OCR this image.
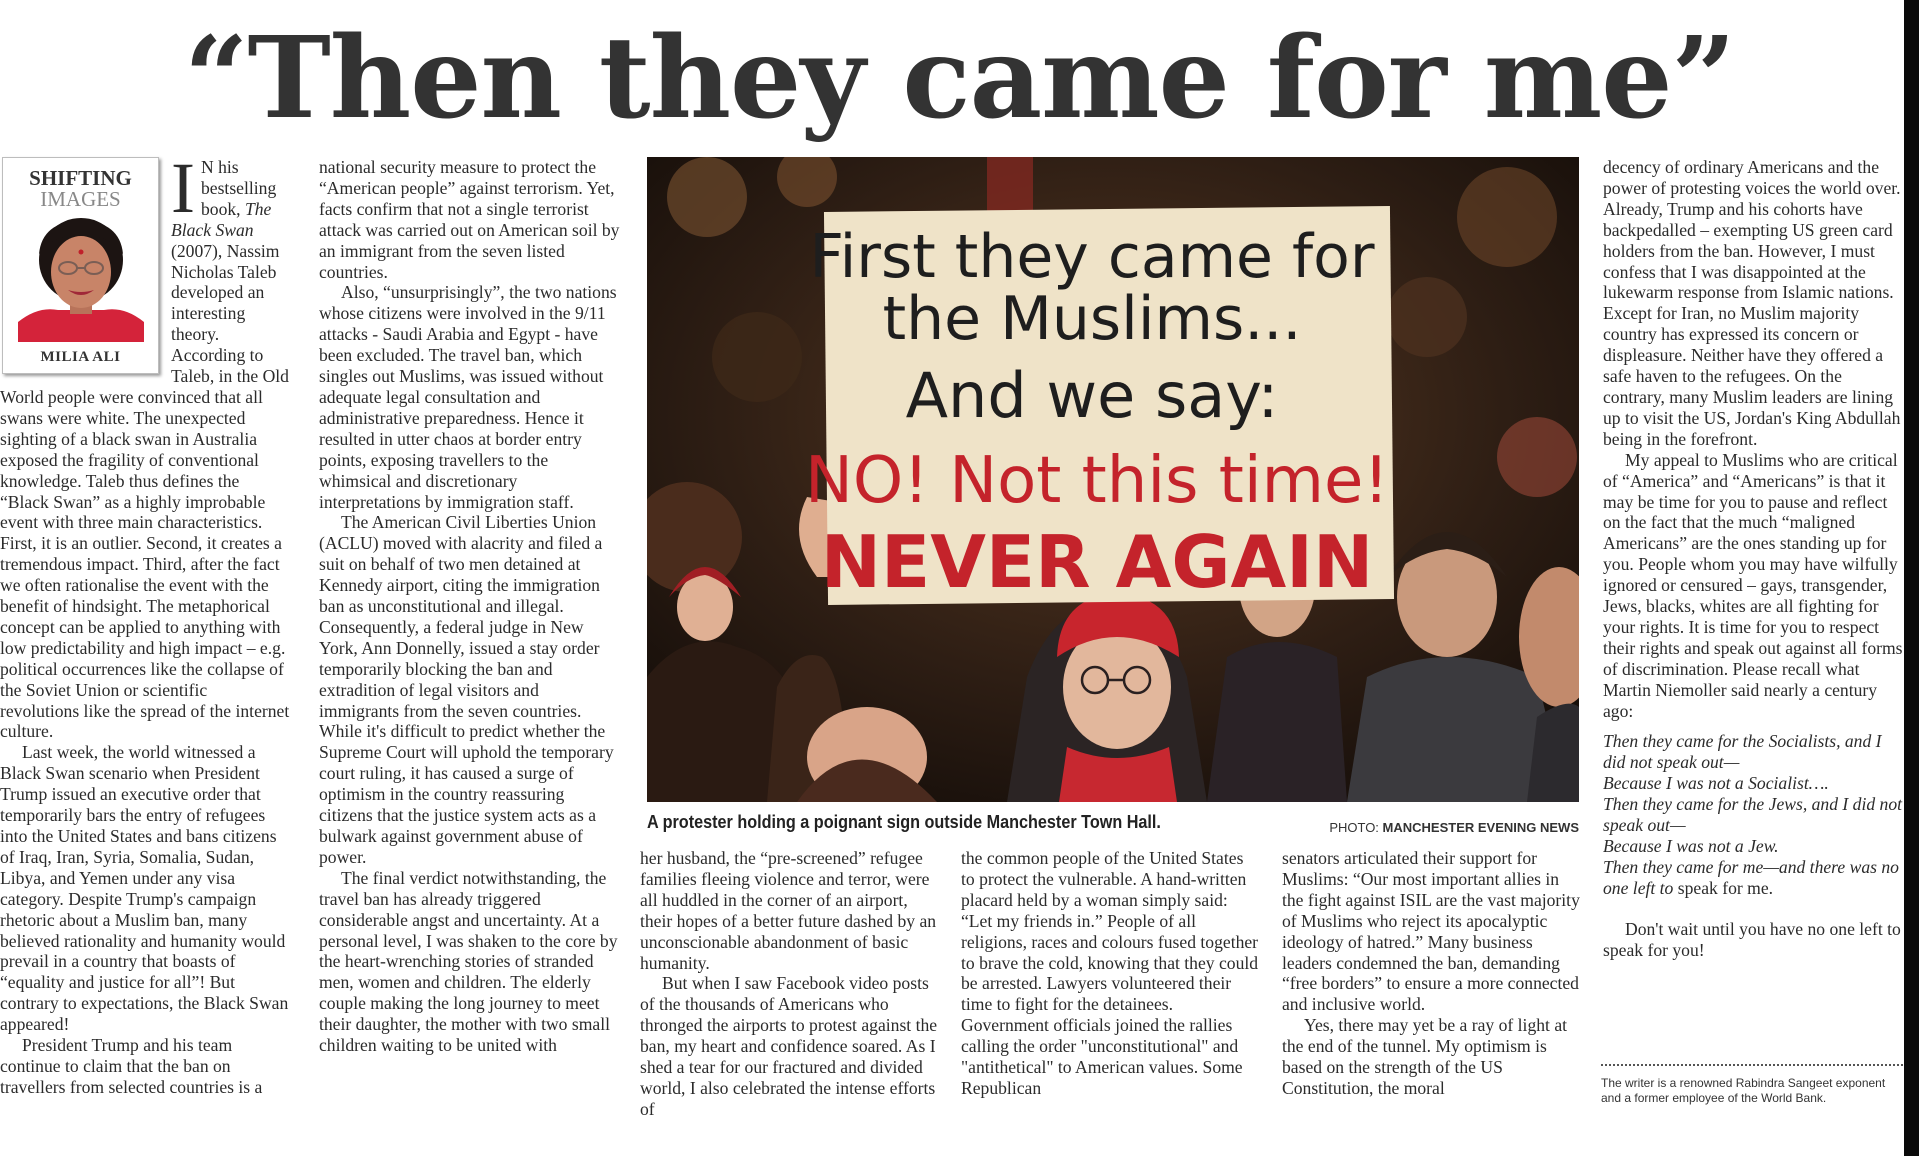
“Then they came for me”
SHIFTING
IMAGES
MILIA ALI

I N his bestselling book, The Black Swan (2007), Nassim Nicholas Taleb developed an interesting theory. According to Taleb, in the Old World people were convinced that all swans were white. The unexpected sighting of a black swan in Australia exposed the fragility of conventional knowledge. Taleb thus defines the “Black Swan” as a highly improbable event with three main characteristics. First, it is an outlier. Second, it creates a tremendous impact. Third, after the fact we often rationalise the event with the benefit of hindsight. The metaphorical concept can be applied to anything with low predictability and high impact – e.g. political occurrences like the collapse of the Soviet Union or scientific revolutions like the spread of the internet culture.

Last week, the world witnessed a Black Swan scenario when President Trump issued an executive order that temporarily bars the entry of refugees into the United States and bans citizens of Iraq, Iran, Syria, Somalia, Sudan, Libya, and Yemen under any visa category. Despite Trump's campaign rhetoric about a Muslim ban, many believed rationality and humanity would prevail in a country that boasts of “equality and justice for all”! But contrary to expectations, the Black Swan appeared!

President Trump and his team continue to claim that the ban on travellers from selected countries is a

national security measure to protect the “American people” against terrorism. Yet, facts confirm that not a single terrorist attack was carried out on American soil by an immigrant from the seven listed countries.

Also, “unsurprisingly”, the two nations whose citizens were involved in the 9/11 attacks - Saudi Arabia and Egypt - have been excluded. The travel ban, which singles out Muslims, was issued without adequate legal consultation and administrative preparedness. Hence it resulted in utter chaos at border entry points, exposing travellers to the whimsical and discretionary interpretations by immigration staff.

The American Civil Liberties Union (ACLU) moved with alacrity and filed a suit on behalf of two men detained at Kennedy airport, citing the immigration ban as unconstitutional and illegal. Consequently, a federal judge in New York, Ann Donnelly, issued a stay order temporarily blocking the ban and extradition of legal visitors and immigrants from the seven countries. While it's difficult to predict whether the Supreme Court will uphold the temporary court ruling, it has caused a surge of optimism in the country reassuring citizens that the justice system acts as a bulwark against government abuse of power.

The final verdict notwithstanding, the travel ban has already triggered considerable angst and uncertainty. At a personal level, I was shaken to the core by the heart-wrenching stories of stranded men, women and children. The elderly couple making the long journey to meet their daughter, the mother with two small children waiting to be united with

First they came for
the Muslims...
And we say:
NO! Not this time!
NEVER AGAIN
A protester holding a poignant sign outside Manchester Town Hall.	PHOTO: MANCHESTER EVENING NEWS

her husband, the “pre-screened” refugee families fleeing violence and terror, were all huddled in the corner of an airport, their hopes of a better future dashed by an unconscionable abandonment of basic humanity.

But when I saw Facebook video posts of the thousands of Americans who thronged the airports to protest against the ban, my heart and confidence soared. As I shed a tear for our fractured and divided world, I also celebrated the intense efforts of

the common people of the United States to protect the vulnerable. A hand-written placard held by a woman simply said: “Let my friends in.” People of all religions, races and colours fused together to brave the cold, knowing that they could be arrested. Lawyers volunteered their time to fight for the detainees. Government officials joined the rallies calling the order "unconstitutional" and "antithetical" to American values. Some Republican

senators articulated their support for Muslims: “Our most important allies in the fight against ISIL are the vast majority of Muslims who reject its apocalyptic ideology of hatred.” Many business leaders condemned the ban, demanding “free borders” to ensure a more connected and inclusive world.

Yes, there may yet be a ray of light at the end of the tunnel. My optimism is based on the strength of the US Constitution, the moral

decency of ordinary Americans and the power of protesting voices the world over. Already, Trump and his cohorts have backpedalled – exempting US green card holders from the ban. However, I must confess that I was disappointed at the lukewarm response from Islamic nations. Except for Iran, no Muslim majority country has expressed its concern or displeasure. Neither have they offered a safe haven to the refugees. On the contrary, many Muslim leaders are lining up to visit the US, Jordan's King Abdullah being in the forefront.

My appeal to Muslims who are critical of “America” and “Americans” is that it may be time for you to pause and reflect on the fact that the much “maligned Americans” are the ones standing up for you. People whom you may have wilfully ignored or censured – gays, transgender, Jews, blacks, whites are all fighting for your rights. It is time for you to respect their rights and speak out against all forms of discrimination. Please recall what Martin Niemoller said nearly a century ago:

Then they came for the Socialists, and I did not speak out—

Because I was not a Socialist….

Then they came for the Jews, and I did not speak out—

Because I was not a Jew.

Then they came for me—and there was no one left to speak for me.

Don't wait until you have no one left to speak for you!

The writer is a renowned Rabindra Sangeet exponent and a former employee of the World Bank.
